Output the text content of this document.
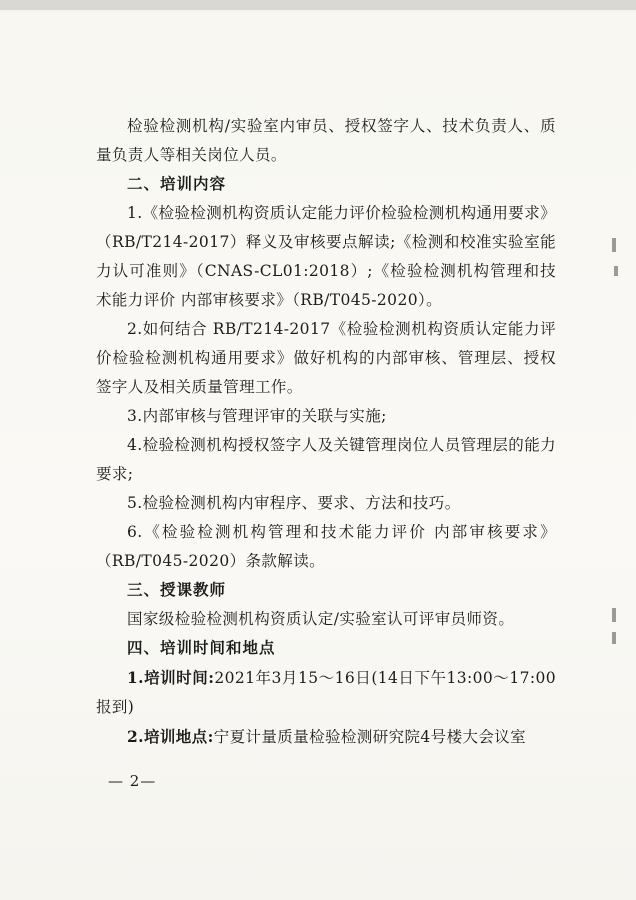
检验检测机构/实验室内审员、授权签字人、技术负责人、质量负责人等相关岗位人员。

二、培训内容

1.《检验检测机构资质认定能力评价检验检测机构通用要求》（RB/T214-2017）释义及审核要点解读;《检测和校准实验室能力认可准则》（CNAS-CL01:2018）;《检验检测机构管理和技术能力评价 内部审核要求》（RB/T045-2020）。

2.如何结合 RB/T214-2017《检验检测机构资质认定能力评价检验检测机构通用要求》做好机构的内部审核、管理层、授权签字人及相关质量管理工作。

3.内部审核与管理评审的关联与实施;

4.检验检测机构授权签字人及关键管理岗位人员管理层的能力要求;

5.检验检测机构内审程序、要求、方法和技巧。

6.《检验检测机构管理和技术能力评价 内部审核要求》（RB/T045-2020）条款解读。

三、授课教师

国家级检验检测机构资质认定/实验室认可评审员师资。

四、培训时间和地点

1.培训时间:2021年3月15～16日(14日下午13:00～17:00报到)

2.培训地点:宁夏计量质量检验检测研究院4号楼大会议室

— 2—
